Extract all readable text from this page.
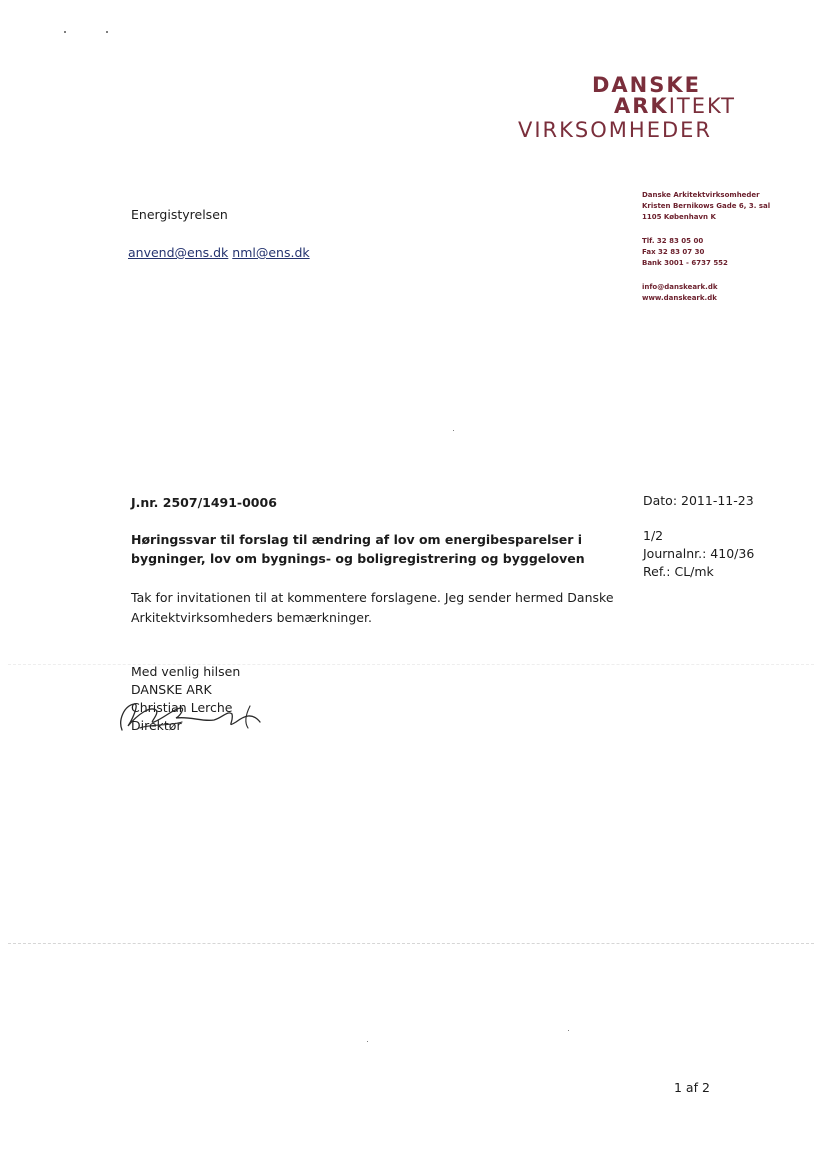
DANSKE
ARKITEKT
VIRKSOMHEDER
Danske Arkitektvirksomheder
Kristen Bernikows Gade 6, 3. sal
1105 København K
Tlf. 32 83 05 00
Fax 32 83 07 30
Bank 3001 - 6737 552
info@danskeark.dk
www.danskeark.dk
Energistyrelsen
anvend@ens.dk nml@ens.dk
Dato: 2011-11-23
1/2
Journalnr.: 410/36
Ref.: CL/mk
J.nr. 2507/1491-0006
Høringssvar til forslag til ændring af lov om energibesparelser i
bygninger, lov om bygnings- og boligregistrering og byggeloven
Tak for invitationen til at kommentere forslagene. Jeg sender hermed Danske
Arkitektvirksomheders bemærkninger.
Med venlig hilsen
DANSKE ARK
Christian Lerche
Direktør
1 af 2
